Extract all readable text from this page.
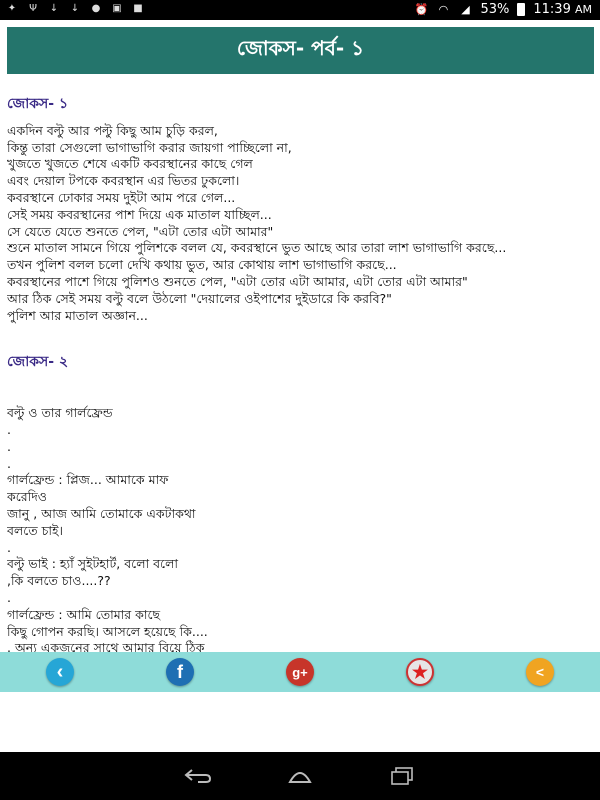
✦ Ψ ↓ ↓ ● ▣ ■	⏰ ◠ ◢ 53% 11:39 AM
জোকস- পর্ব- ১
জোকস- ১
একদিন বল্টু আর পল্টু কিছু আম চুড়ি করল,
কিন্তু তারা সেগুলো ভাগাভাগি করার জায়গা পাচ্ছিলো না,
খুজতে খুজতে শেষে একটি কবরস্থানের কাছে গেল
এবং দেয়াল টপকে কবরস্থান এর ভিতর ঢুকলো।
কবরস্থানে ঢোকার সময় দুইটা আম পরে গেল...
সেই সময় কবরস্থানের পাশ দিয়ে এক মাতাল যাচ্ছিল...
সে যেতে যেতে শুনতে পেল, "এটা তোর এটা আমার"
শুনে মাতাল সামনে গিয়ে পুলিশকে বলল যে, কবরস্থানে ভুত আছে আর তারা লাশ ভাগাভাগি করছে...
তখন পুলিশ বলল চলো দেখি কথায় ভুত, আর কোথায় লাশ ভাগাভাগি করছে...
কবরস্থানের পাশে গিয়ে পুলিশও শুনতে পেল, "এটা তোর এটা আমার, এটা তোর এটা আমার"
আর ঠিক সেই সময় বল্টু বলে উঠলো "দেয়ালের ওইপাশের দুইডারে কি করবি?"
পুলিশ আর মাতাল অজ্ঞান...
জোকস- ২
বল্টু ও তার গার্লফ্রেন্ড
.
.
.
গার্লফ্রেন্ড : প্লিজ... আমাকে মাফ
করেদিও
জানু , আজ আমি তোমাকে একটাকথা
বলতে চাই।
.
বল্টু ভাই : হ্যাঁ সুইটহার্ট, বলো বলো
,কি বলতে চাও....??
.
গার্লফ্রেন্ড : আমি তোমার কাছে
কিছু গোপন করছি। আসলে হয়েছে কি....
. অন্য একজনের সাথে আমার বিয়ে ঠিক
‹	f	g+	★	<
